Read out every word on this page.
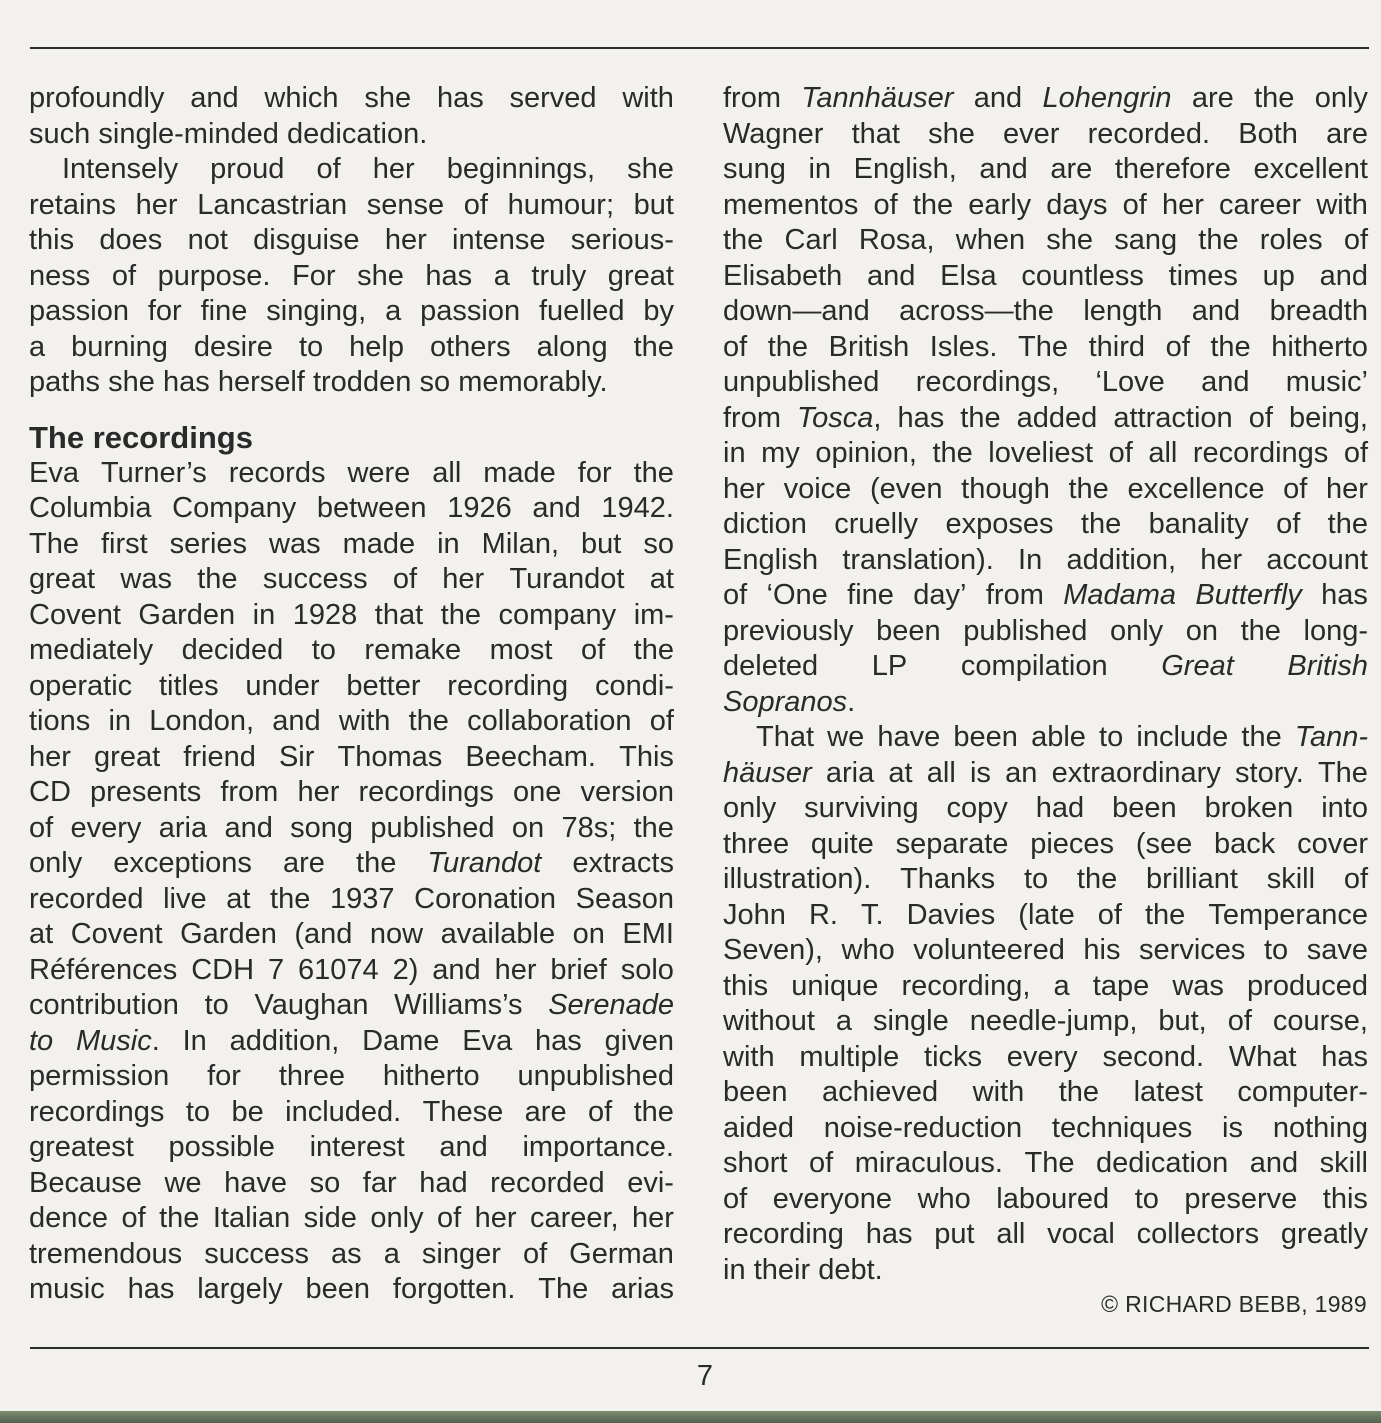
profoundly and which she has served with
such single-minded dedication.
Intensely proud of her beginnings, she
retains her Lancastrian sense of humour; but
this does not disguise her intense serious-
ness of purpose. For she has a truly great
passion for fine singing, a passion fuelled by
a burning desire to help others along the
paths she has herself trodden so memorably.
The recordings
Eva Turner’s records were all made for the
Columbia Company between 1926 and 1942.
The first series was made in Milan, but so
great was the success of her Turandot at
Covent Garden in 1928 that the company im-
mediately decided to remake most of the
operatic titles under better recording condi-
tions in London, and with the collaboration of
her great friend Sir Thomas Beecham. This
CD presents from her recordings one version
of every aria and song published on 78s; the
only exceptions are the Turandot extracts
recorded live at the 1937 Coronation Season
at Covent Garden (and now available on EMI
Références CDH 7 61074 2) and her brief solo
contribution to Vaughan Williams’s Serenade
to Music. In addition, Dame Eva has given
permission for three hitherto unpublished
recordings to be included. These are of the
greatest possible interest and importance.
Because we have so far had recorded evi-
dence of the Italian side only of her career, her
tremendous success as a singer of German
music has largely been forgotten. The arias
from Tannhäuser and Lohengrin are the only
Wagner that she ever recorded. Both are
sung in English, and are therefore excellent
mementos of the early days of her career with
the Carl Rosa, when she sang the roles of
Elisabeth and Elsa countless times up and
down—and across—the length and breadth
of the British Isles. The third of the hitherto
unpublished recordings, ‘Love and music’
from Tosca, has the added attraction of being,
in my opinion, the loveliest of all recordings of
her voice (even though the excellence of her
diction cruelly exposes the banality of the
English translation). In addition, her account
of ‘One fine day’ from Madama Butterfly has
previously been published only on the long-
deleted LP compilation Great British
Sopranos.
That we have been able to include the Tann-
häuser aria at all is an extraordinary story. The
only surviving copy had been broken into
three quite separate pieces (see back cover
illustration). Thanks to the brilliant skill of
John R. T. Davies (late of the Temperance
Seven), who volunteered his services to save
this unique recording, a tape was produced
without a single needle-jump, but, of course,
with multiple ticks every second. What has
been achieved with the latest computer-
aided noise-reduction techniques is nothing
short of miraculous. The dedication and skill
of everyone who laboured to preserve this
recording has put all vocal collectors greatly
in their debt.
© RICHARD BEBB, 1989
7
